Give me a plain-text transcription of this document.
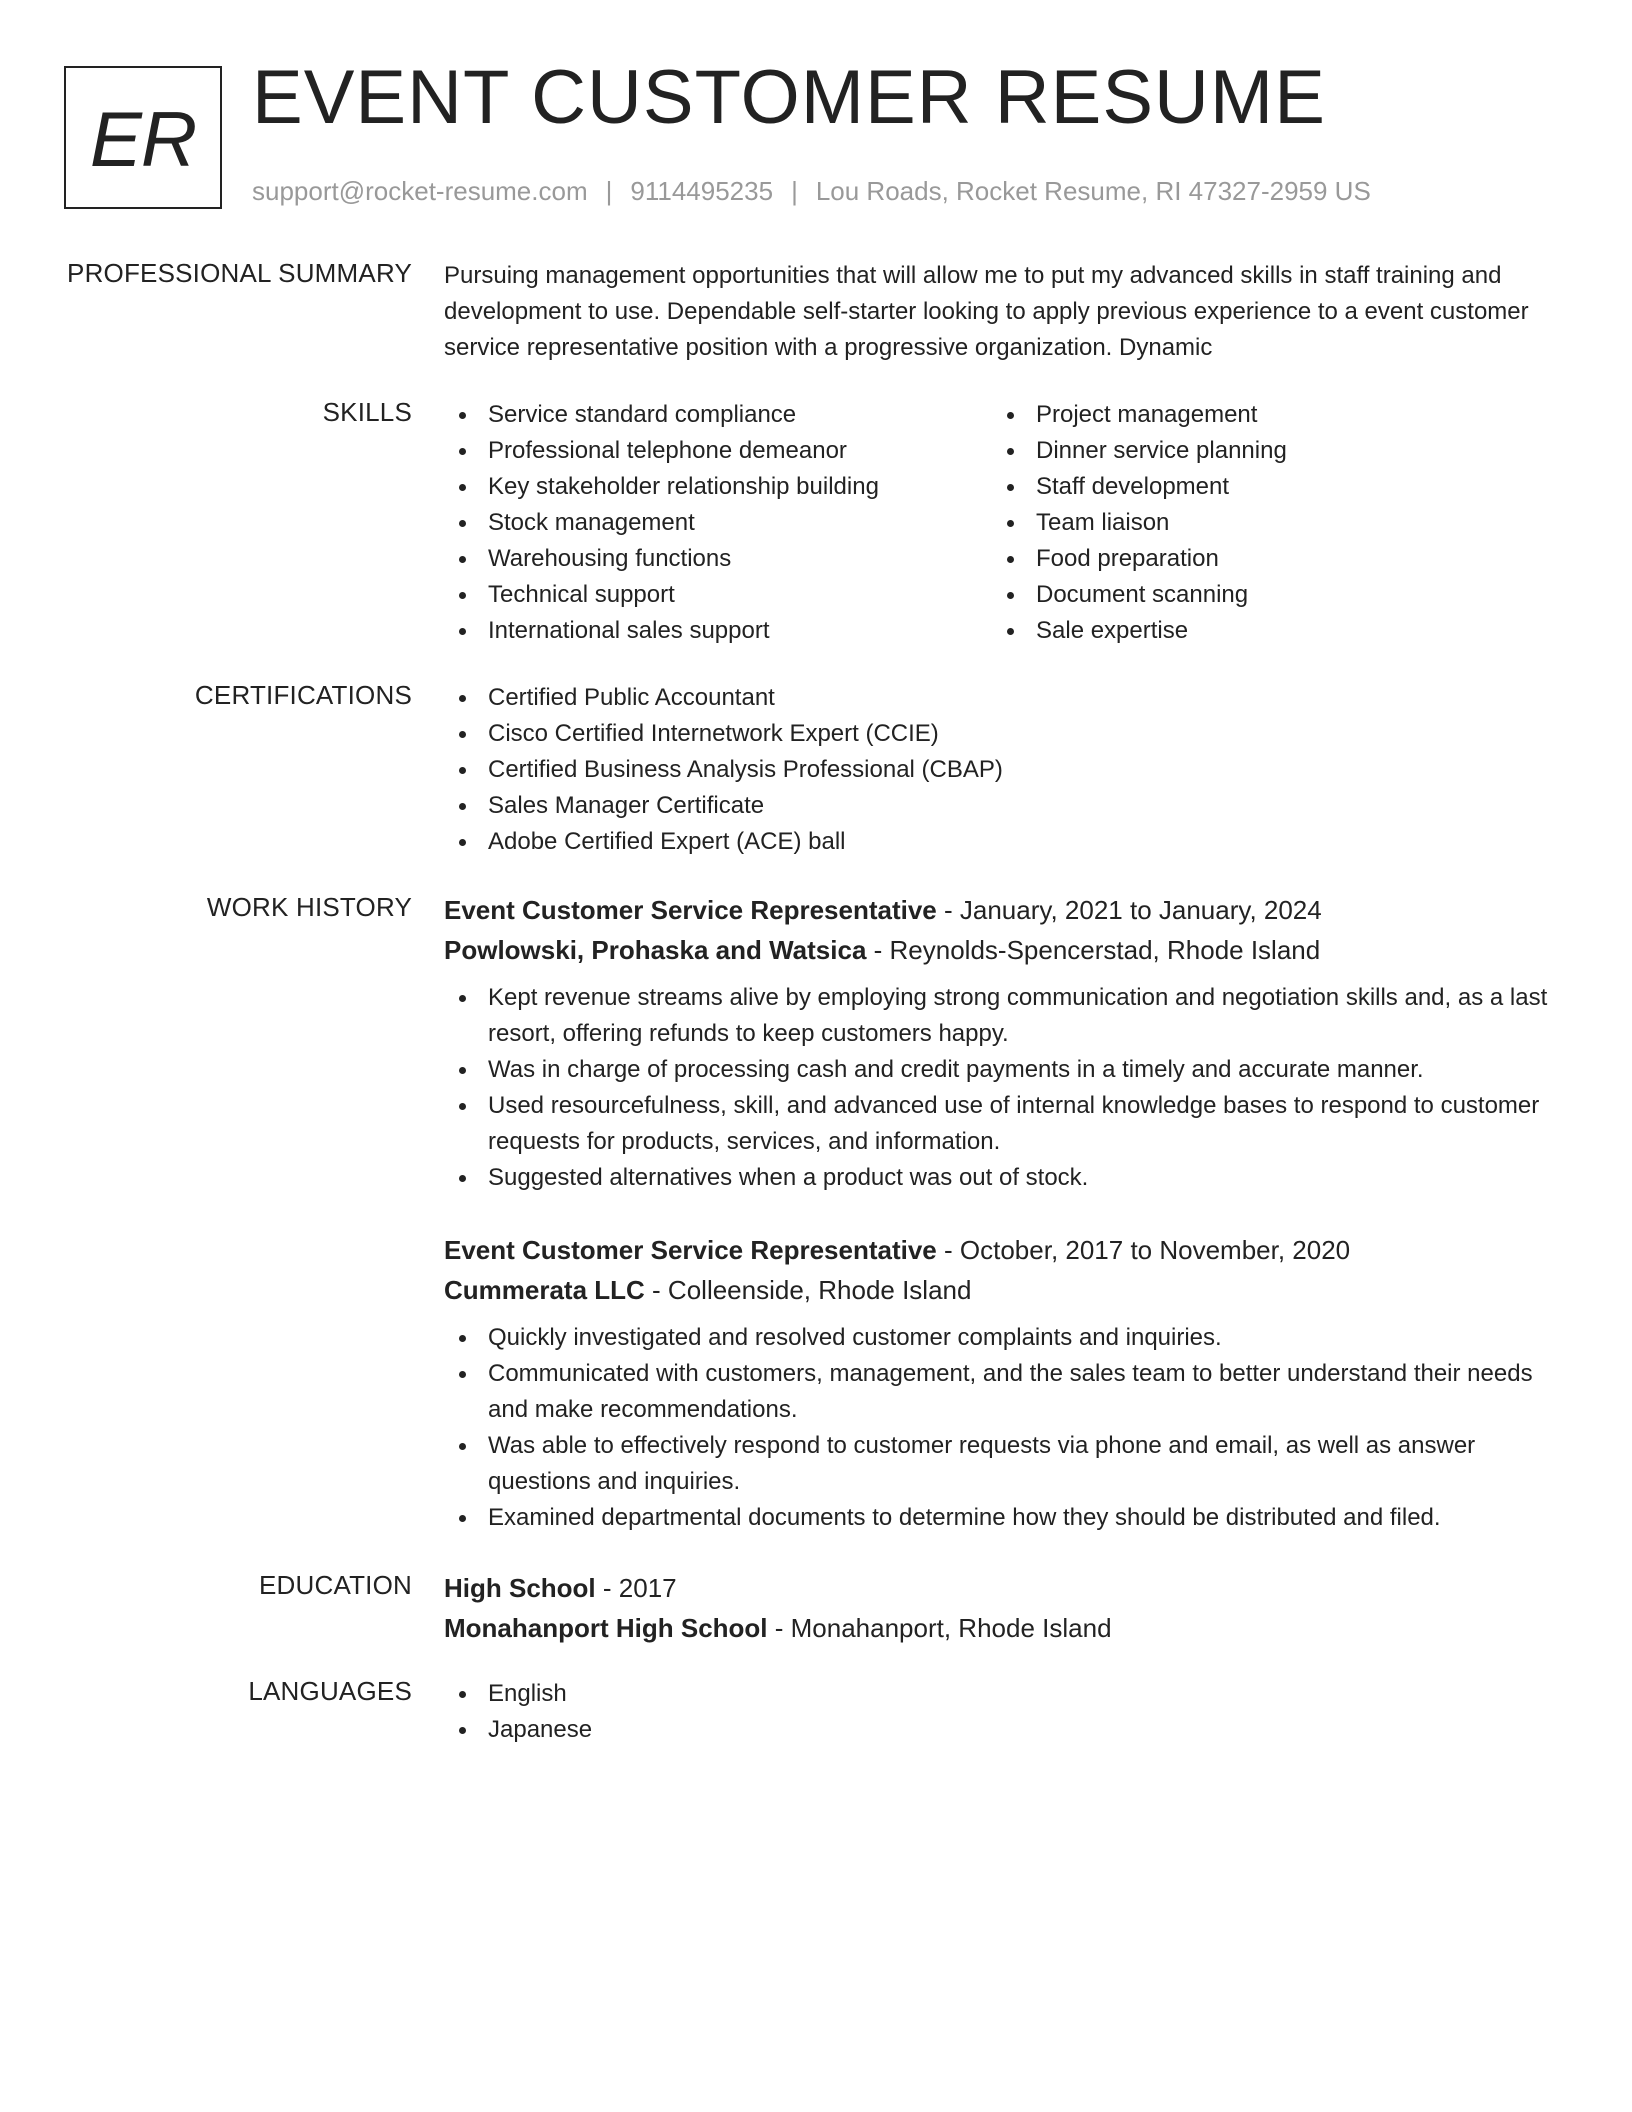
ER EVENT CUSTOMER RESUME
support@rocket-resume.com | 9114495235 | Lou Roads, Rocket Resume, RI 47327-2959 US
PROFESSIONAL SUMMARY Pursuing management opportunities that will allow me to put my advanced skills in staff training and development to use. Dependable self-starter looking to apply previous experience to a event customer service representative position with a progressive organization. Dynamic
SKILLS	Service standard compliance
Professional telephone demeanor
Key stakeholder relationship building
Stock management
Warehousing functions
Technical support
International sales support
Project management
Dinner service planning
Staff development
Team liaison
Food preparation
Document scanning
Sale expertise
CERTIFICATIONS	Certified Public Accountant
Cisco Certified Internetwork Expert (CCIE)
Certified Business Analysis Professional (CBAP)
Sales Manager Certificate
Adobe Certified Expert (ACE) ball
WORK HISTORY Event Customer Service Representative - January, 2021 to January, 2024
Powlowski, Prohaska and Watsica - Reynolds-Spencerstad, Rhode Island
Kept revenue streams alive by employing strong communication and negotiation skills and, as a last resort, offering refunds to keep customers happy.
Was in charge of processing cash and credit payments in a timely and accurate manner.
Used resourcefulness, skill, and advanced use of internal knowledge bases to respond to customer requests for products, services, and information.
Suggested alternatives when a product was out of stock.
Event Customer Service Representative - October, 2017 to November, 2020
Cummerata LLC - Colleenside, Rhode Island
Quickly investigated and resolved customer complaints and inquiries.
Communicated with customers, management, and the sales team to better understand their needs and make recommendations.
Was able to effectively respond to customer requests via phone and email, as well as answer questions and inquiries.
Examined departmental documents to determine how they should be distributed and filed.
EDUCATION High School - 2017
Monahanport High School - Monahanport, Rhode Island
LANGUAGES	English
Japanese
